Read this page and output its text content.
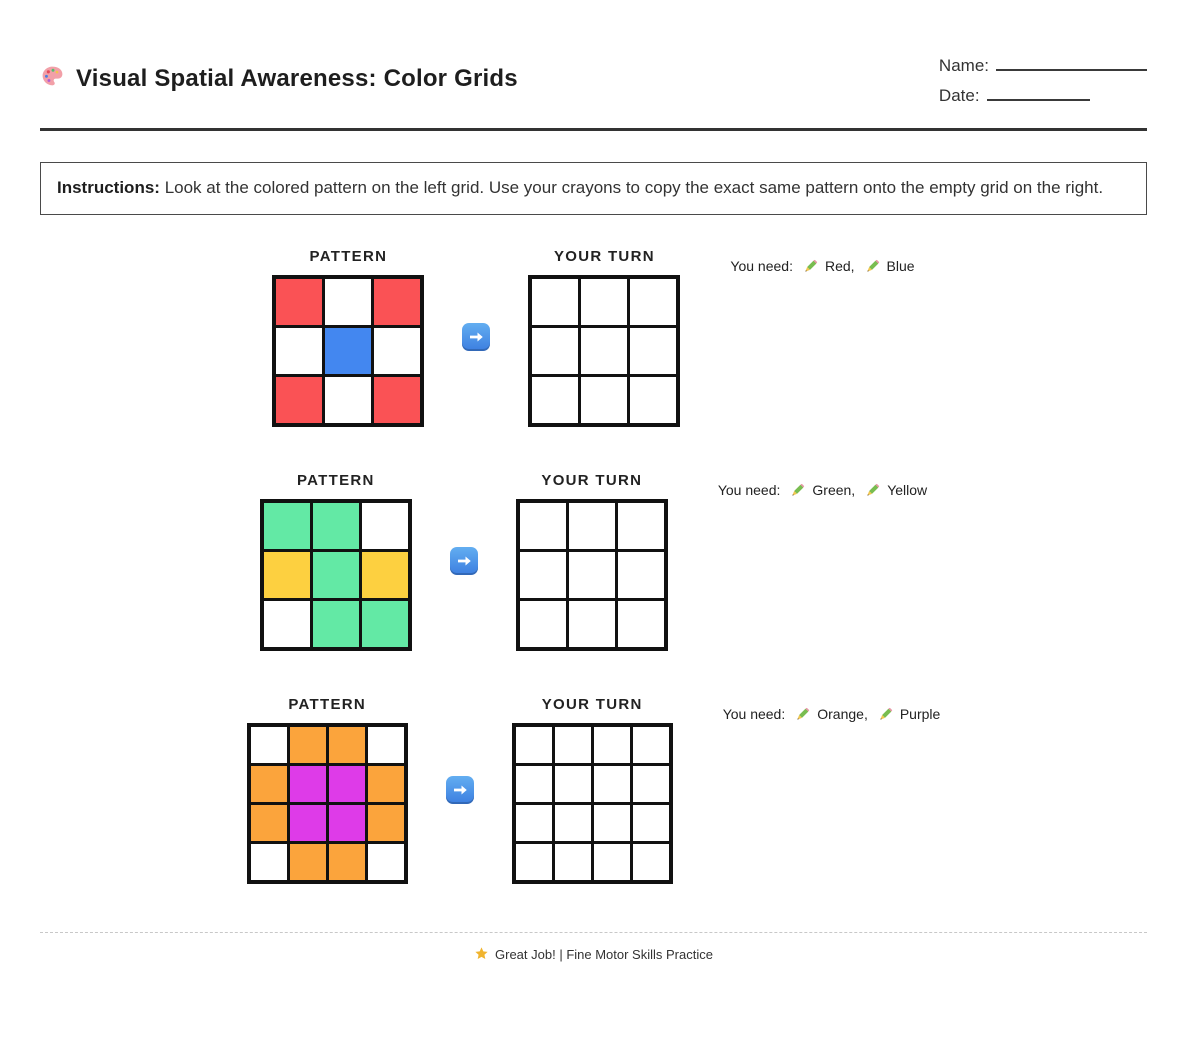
Visual Spatial Awareness: Color Grids	Name:
Date:
Instructions: Look at the colored pattern on the left grid. Use your crayons to copy the exact same pattern onto the empty grid on the right.
PATTERN	YOUR TURN
You need: Red, Blue
PATTERN	YOUR TURN
You need: Green, Yellow
PATTERN	YOUR TURN
You need: Orange, Purple
Great Job! | Fine Motor Skills Practice
